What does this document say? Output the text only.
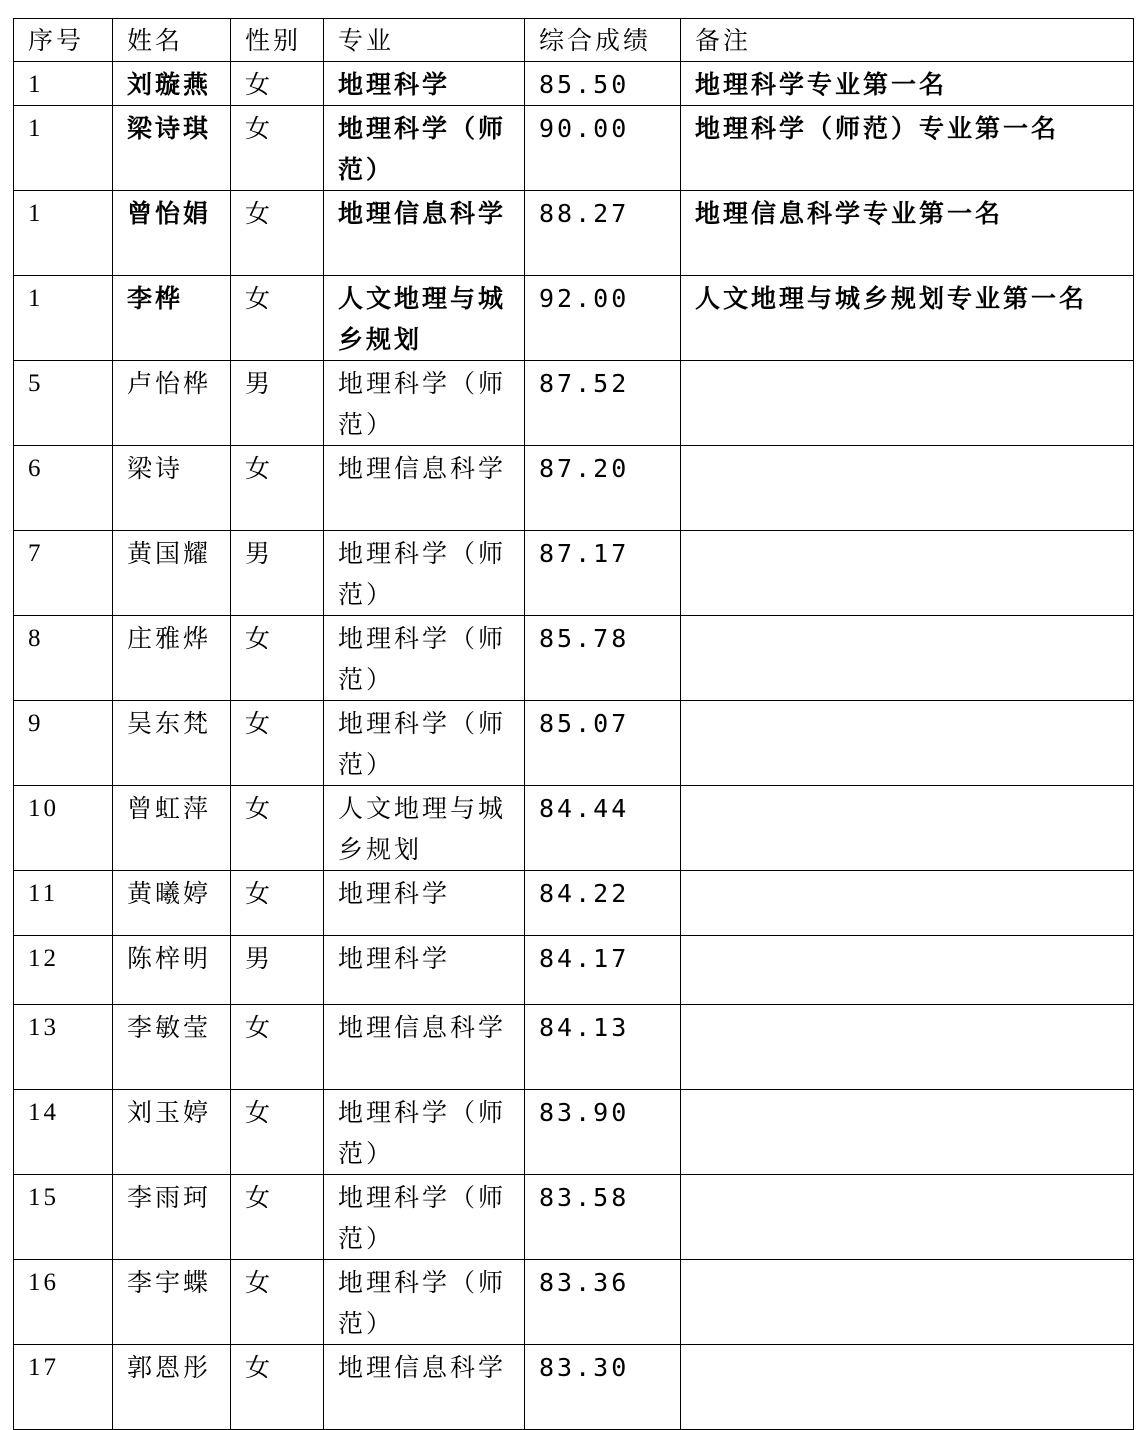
序号	姓名	性别	专业	综合成绩	备注
1	刘璇燕	女	地理科学	85.50	地理科学专业第一名
1	梁诗琪	女	地理科学（师范）	90.00	地理科学（师范）专业第一名
1	曾怡娟	女	地理信息科学	88.27	地理信息科学专业第一名
1	李桦	女	人文地理与城乡规划	92.00	人文地理与城乡规划专业第一名
5	卢怡桦	男	地理科学（师范）	87.52	
6	梁诗	女	地理信息科学	87.20	
7	黄国耀	男	地理科学（师范）	87.17	
8	庄雅烨	女	地理科学（师范）	85.78	
9	吴东梵	女	地理科学（师范）	85.07	
10	曾虹萍	女	人文地理与城乡规划	84.44	
11	黄曦婷	女	地理科学	84.22	
12	陈梓明	男	地理科学	84.17	
13	李敏莹	女	地理信息科学	84.13	
14	刘玉婷	女	地理科学（师范）	83.90	
15	李雨珂	女	地理科学（师范）	83.58	
16	李宇蝶	女	地理科学（师范）	83.36	
17	郭恩彤	女	地理信息科学	83.30	
